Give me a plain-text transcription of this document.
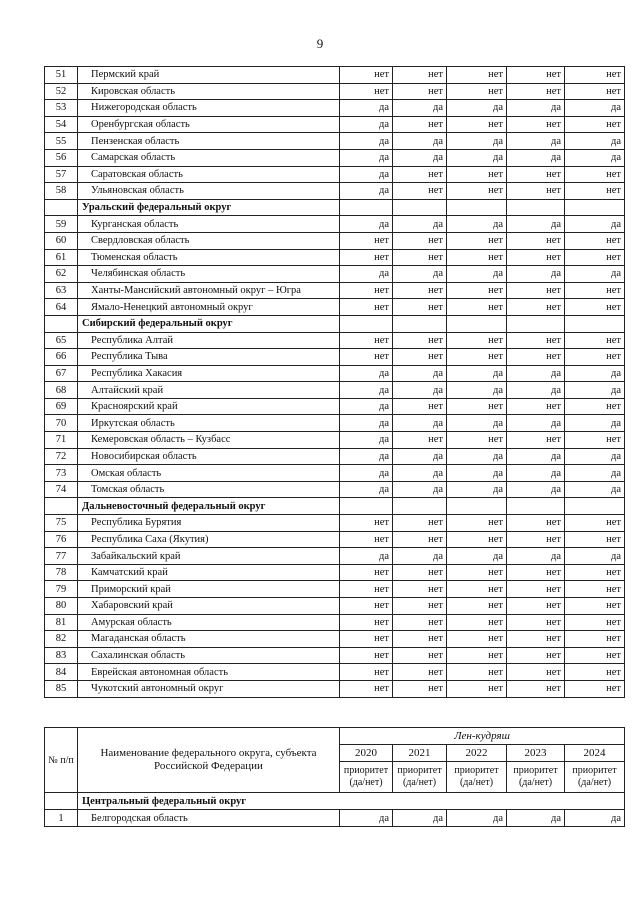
9
51	Пермский край	нет	нет	нет	нет	нет
52	Кировская область	нет	нет	нет	нет	нет
53	Нижегородская область	да	да	да	да	да
54	Оренбургская область	да	нет	нет	нет	нет
55	Пензенская область	да	да	да	да	да
56	Самарская область	да	да	да	да	да
57	Саратовская область	да	нет	нет	нет	нет
58	Ульяновская область	да	нет	нет	нет	нет
	Уральский федеральный округ					
59	Курганская область	да	да	да	да	да
60	Свердловская область	нет	нет	нет	нет	нет
61	Тюменская область	нет	нет	нет	нет	нет
62	Челябинская область	да	да	да	да	да
63	Ханты-Мансийский автономный округ – Югра	нет	нет	нет	нет	нет
64	Ямало-Ненецкий автономный округ	нет	нет	нет	нет	нет
	Сибирский федеральный округ					
65	Республика Алтай	нет	нет	нет	нет	нет
66	Республика Тыва	нет	нет	нет	нет	нет
67	Республика Хакасия	да	да	да	да	да
68	Алтайский край	да	да	да	да	да
69	Красноярский край	да	нет	нет	нет	нет
70	Иркутская область	да	да	да	да	да
71	Кемеровская область – Кузбасс	да	нет	нет	нет	нет
72	Новосибирская область	да	да	да	да	да
73	Омская область	да	да	да	да	да
74	Томская область	да	да	да	да	да
	Дальневосточный федеральный округ					
75	Республика Бурятия	нет	нет	нет	нет	нет
76	Республика Саха (Якутия)	нет	нет	нет	нет	нет
77	Забайкальский край	да	да	да	да	да
78	Камчатский край	нет	нет	нет	нет	нет
79	Приморский край	нет	нет	нет	нет	нет
80	Хабаровский край	нет	нет	нет	нет	нет
81	Амурская область	нет	нет	нет	нет	нет
82	Магаданская область	нет	нет	нет	нет	нет
83	Сахалинская область	нет	нет	нет	нет	нет
84	Еврейская автономная область	нет	нет	нет	нет	нет
85	Чукотский автономный округ	нет	нет	нет	нет	нет
№ п/п	Наименование федерального округа, субъекта Российской Федерации	Лен-кудряш				
		2020	2021	2022	2023	2024
		приоритет (да/нет)	приоритет (да/нет)	приоритет (да/нет)	приоритет (да/нет)	приоритет (да/нет)
	Центральный федеральный округ					
1	Белгородская область	да	да	да	да	да
